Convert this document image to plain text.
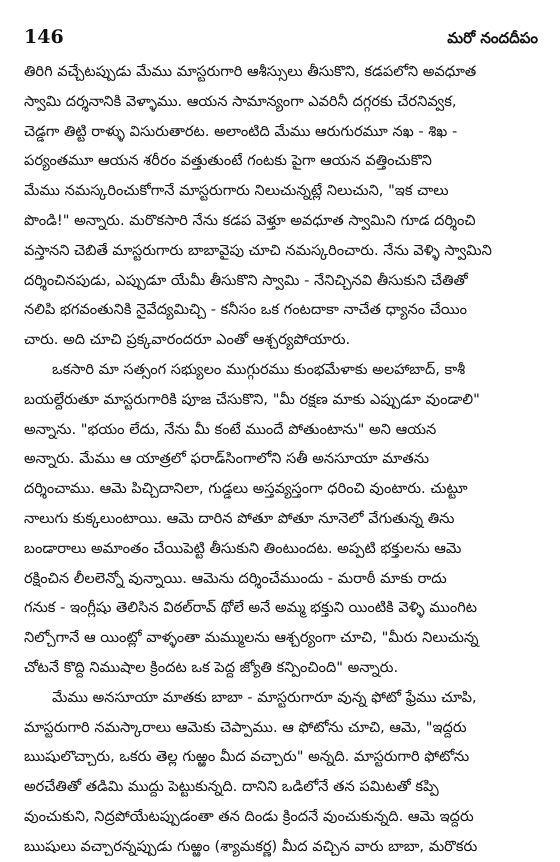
146	మరో నందదీపం
తిరిగి వచ్చేటప్పుడు మేము మాస్టరుగారి ఆశీస్సులు తీసుకొని, కడపలోని అవధూత
స్వామి దర్శనానికి వెళ్ళాము. ఆయన సామాన్యంగా ఎవరినీ దగ్గరకు చేరనివ్వక,
చెడ్డగా తిట్టి రాళ్ళు విసురుతారట. అలాంటిది మేము ఆరుగురమూ నఖ - శిఖ -
పర్యంతమూ ఆయన శరీరం వత్తుతుంటే గంటకు పైగా ఆయన వత్తించుకొని
మేము నమస్కరించుకోగానే మాస్టరుగారు నిలుచున్నట్లే నిలుచుని, "ఇక చాలు
పొండి!" అన్నారు. మరొకసారి నేను కడప వెళ్తూ అవధూత స్వామిని గూడ దర్శించి
వస్తానని చెబితే మాస్టరుగారు బాబావైపు చూచి నమస్కరించారు. నేను వెళ్ళి స్వామిని
దర్శించినపుడు, ఎప్పుడూ యేమీ తీసుకొని స్వామి - నేనిచ్చినవి తీసుకుని చేతితో
నలిపి భగవంతునికి నైవేద్యమిచ్చి - కనీసం ఒక గంటదాకా నాచేత ధ్యానం చేయిం
చారు. అది చూచి ప్రక్కవారందరూ ఎంతో ఆశ్చర్యపోయారు.
ఒకసారి మా సత్సంగ సభ్యులం ముగ్గురము కుంభమేళాకు అలహాబాద్, కాశీ
బయల్దేరుతూ మాస్టరుగారికి పూజ చేసుకొని, "మీ రక్షణ మాకు ఎప్పుడూ వుండాలి"
అన్నాను. "భయం లేదు, నేను మీ కంటే ముందే పోతుంటాను" అని ఆయన
అన్నారు. మేము ఆ యాత్రలో ఫరాడ్‌సింగాలోని సతీ అనసూయా మాతను
దర్శించాము. ఆమె పిచ్చిదానిలా, గుడ్డలు అస్తవ్యస్తంగా ధరించి వుంటారు. చుట్టూ
నాలుగు కుక్కలుంటాయి. ఆమె దారిన పోతూ పోతూ నూనెలో వేగుతున్న తిను
బండారాలు అమాంతం చేయిపెట్టి తీసుకుని తింటుందట. అప్పటి భక్తులను ఆమె
రక్షించిన లీలలెన్నో వున్నాయి. ఆమెను దర్శించేముందు - మరాఠీ మాకు రాదు
గనుక - ఇంగ్లీషు తెలిసిన విఠల్‌రావ్ థోలే అనే అమ్మ భక్తుని యింటికి వెళ్ళి ముంగిట
నిల్చోగానే ఆ యింట్లో వాళ్ళంతా మమ్ములను ఆశ్చర్యంగా చూచి, "మీరు నిలుచున్న
చోటనే కొద్ది నిముషాల క్రిందట ఒక పెద్ద జ్యోతి కన్పించింది" అన్నారు.
మేము అనసూయా మాతకు బాబా - మాస్టరుగారూ వున్న ఫోటో ఫ్రేము చూపి,
మాస్టరుగారి నమస్కారాలు ఆమెకు చెప్పాము. ఆ ఫోటోను చూచి, ఆమె, "ఇద్దరు
బుుషులొచ్చారు, ఒకరు తెల్ల గుఱ్ఱం మీద వచ్చారు" అన్నది. మాస్టరుగారి ఫోటోను
అరచేతితో తడిమి ముద్దు పెట్టుకున్నది. దానిని ఒడిలోనే తన పమిటతో కప్పి
వుంచుకుని, నిద్రపోయేటప్పుడంతా తన దిండు క్రిందనే వుంచుకున్నది. ఆమె ఇద్దరు
బుుషులు వచ్చారన్నప్పుడు గుఱ్ఱం (శ్యామకర్ణ) మీద వచ్చిన వారు బాబా, మరొకరు
